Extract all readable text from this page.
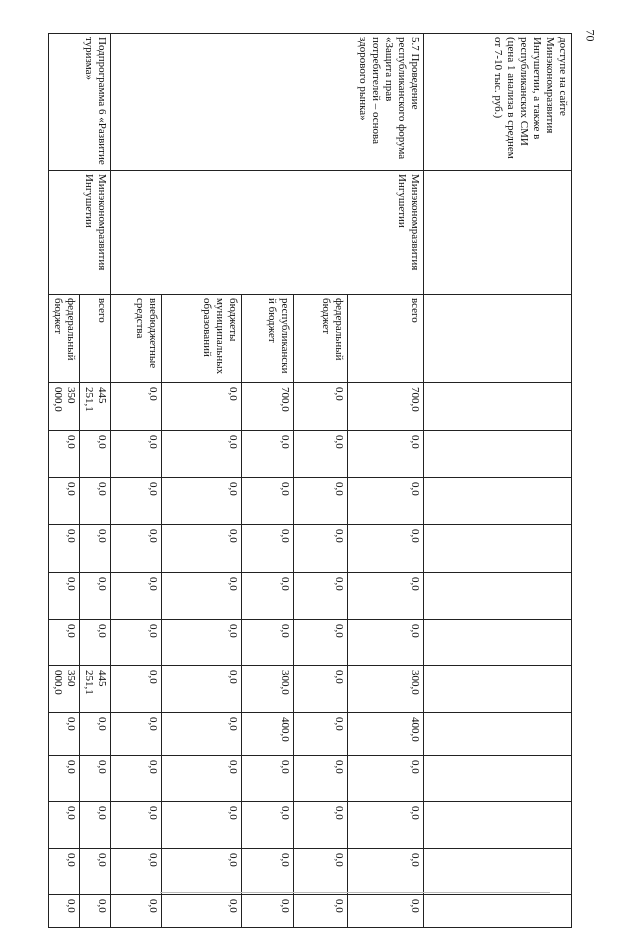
70
доступе на сайте Минэкономразвития Ингушетии, а также в республиканских СМИ (цена 1 анализа в среднем от 7-10 тыс. руб.)														
5.7 Проведение республиканского форума «Защита прав потребителей – основа здорового рынка»	Минэкономразвития Ингушетии	всего	700,0	0,0	0,0	0,0	0,0	0,0	300,0	400,0	0,0	0,0	0,0	0,0
		федеральный бюджет	0,0	0,0	0,0	0,0	0,0	0,0	0,0	0,0	0,0	0,0	0,0	0,0
		республиканский бюджет	700,0	0,0	0,0	0,0	0,0	0,0	300,0	400,0	0,0	0,0	0,0	0,0
		бюджеты муниципальных образований	0,0	0,0	0,0	0,0	0,0	0,0	0,0	0,0	0,0	0,0	0,0	0,0
		внебюджетные средства	0,0	0,0	0,0	0,0	0,0	0,0	0,0	0,0	0,0	0,0	0,0	0,0
Подпрограмма 6 «Развитие туризма»	Минэкономразвития Ингушетии	всего	445 251,1	0,0	0,0	0,0	0,0	0,0	445 251,1	0,0	0,0	0,0	0,0	0,0
		федеральный бюджет	350 000,0	0,0	0,0	0,0	0,0	0,0	350 000,0	0,0	0,0	0,0	0,0	0,0
